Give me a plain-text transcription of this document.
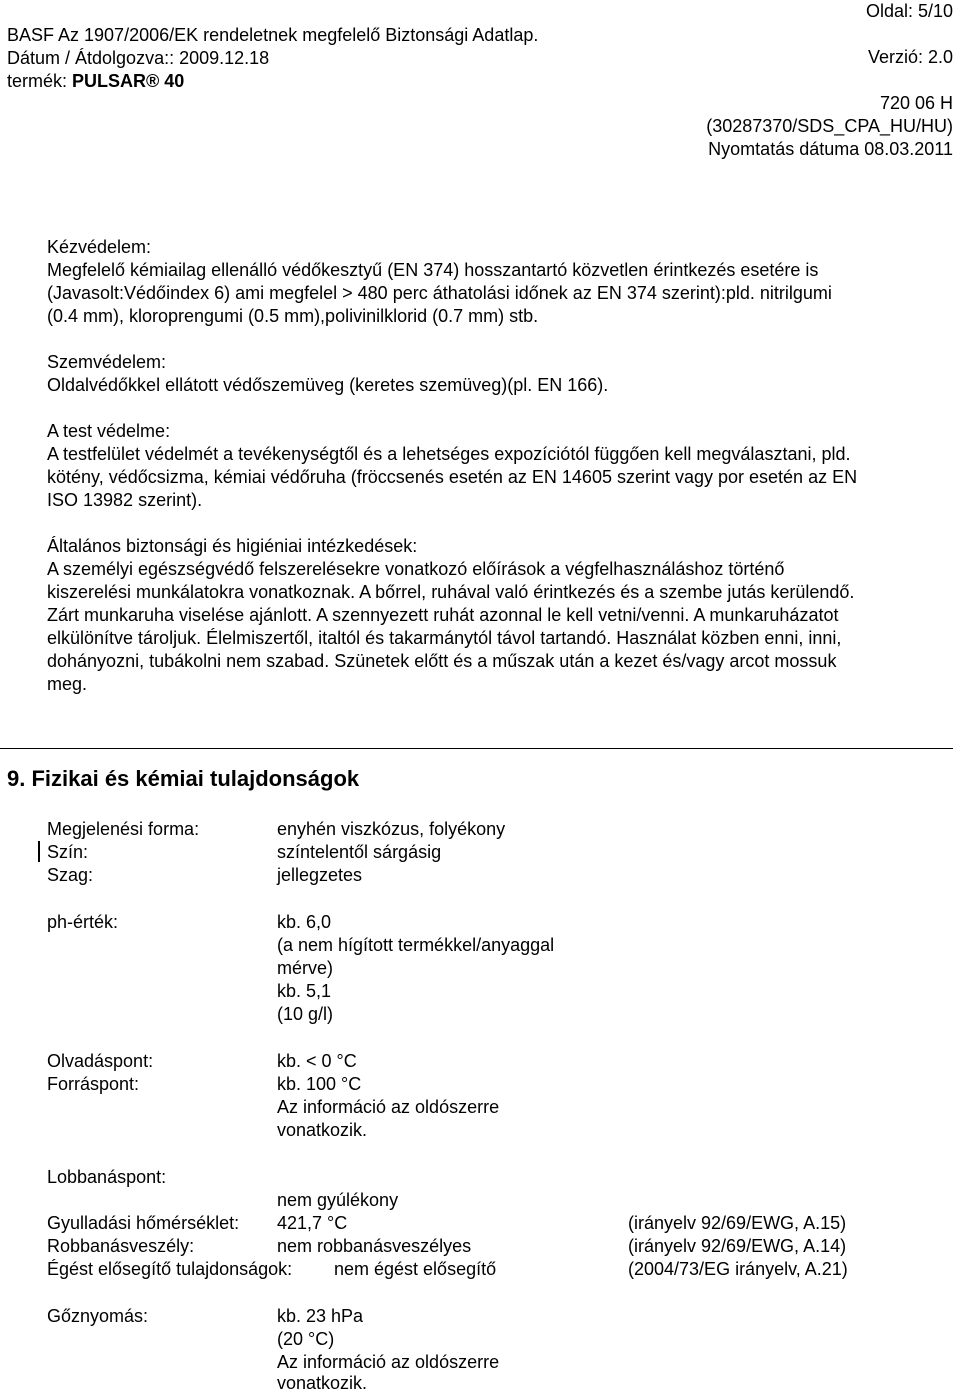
Oldal: 5/10
Verzió: 2.0
720 06 H
(30287370/SDS_CPA_HU/HU)
Nyomtatás dátuma 08.03.2011
BASF Az 1907/2006/EK rendeletnek megfelelő Biztonsági Adatlap.
Dátum / Átdolgozva:: 2009.12.18
termék: PULSAR® 40
Kézvédelem:
Megfelelő kémiailag ellenálló védőkesztyű (EN 374) hosszantartó közvetlen érintkezés esetére is
(Javasolt:Védőindex 6) ami megfelel > 480 perc áthatolási időnek az EN 374 szerint):pld. nitrilgumi
(0.4 mm), kloroprengumi (0.5 mm),polivinilklorid (0.7 mm) stb.
Szemvédelem:
Oldalvédőkkel ellátott védőszemüveg (keretes szemüveg)(pl. EN 166).
A test védelme:
A testfelület védelmét a tevékenységtől és a lehetséges expozíciótól függően kell megválasztani, pld.
kötény, védőcsizma, kémiai védőruha (fröccsenés esetén az EN 14605 szerint vagy por esetén az EN
ISO 13982 szerint).
Általános biztonsági és higiéniai intézkedések:
A személyi egészségvédő felszerelésekre vonatkozó előírások a végfelhasználáshoz történő
kiszerelési munkálatokra vonatkoznak. A bőrrel, ruhával való érintkezés és a szembe jutás kerülendő.
Zárt munkaruha viselése ajánlott. A szennyezett ruhát azonnal le kell vetni/venni. A munkaruházatot
elkülönítve tároljuk. Élelmiszertől, italtól és takarmánytól távol tartandó. Használat közben enni, inni,
dohányozni, tubákolni nem szabad. Szünetek előtt és a műszak után a kezet és/vagy arcot mossuk
meg.
9. Fizikai és kémiai tulajdonságok
Megjelenési forma:	enyhén viszkózus, folyékony
Szín:	színtelentől sárgásig
Szag:	jellegzetes
ph-érték:	kb. 6,0
(a nem hígított termékkel/anyaggal
mérve)
kb. 5,1
(10 g/l)
Olvadáspont:	kb. < 0 °C
Forráspont:	kb. 100 °C
Az információ az oldószerre
vonatkozik.
Lobbanáspont:
nem gyúlékony
Gyulladási hőmérséklet: 421,7 °C	(irányelv 92/69/EWG, A.15)
Robbanásveszély:	nem robbanásveszélyes	(irányelv 92/69/EWG, A.14)
Égést elősegítő tulajdonságok: nem égést elősegítő	(2004/73/EG irányelv, A.21)
Gőznyomás:	kb. 23 hPa
(20 °C)
Az információ az oldószerre
vonatkozik.
